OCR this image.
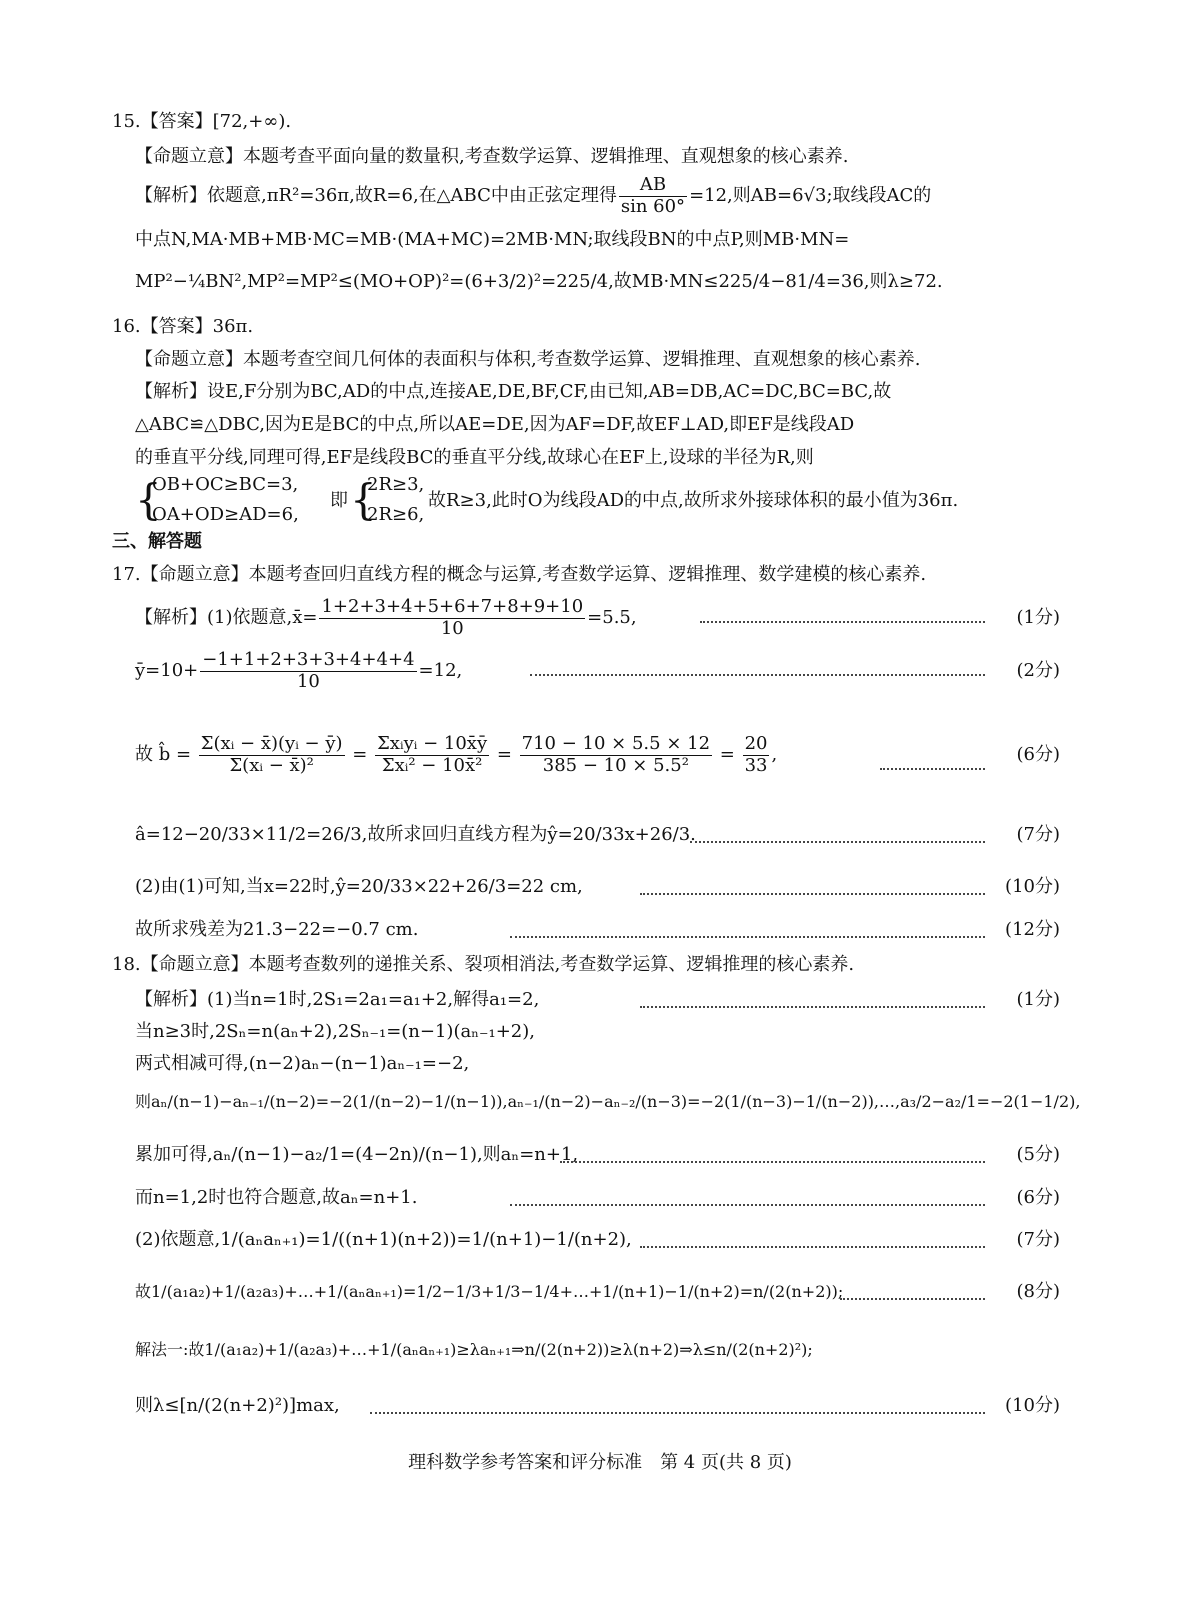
15.【答案】[72,+∞).
【命题立意】本题考查平面向量的数量积,考查数学运算、逻辑推理、直观想象的核心素养.
【解析】依题意,πR²=36π,故R=6,在△ABC中由正弦定理得 $\frac{AB}{\sin 60^\circ} =12$,则AB=6√3;取线段AC的
中点N,MA·MB+MB·MC=MB·(MA+MC)=2MB·MN;取线段BN的中点P,则MB·MN=
MP²−¼BN²,MP²=MP²≤(MO+OP)²=(6+3/2)²=225/4,故MB·MN≤225/4−81/4=36,则λ≥72.
16.【答案】36π.
【命题立意】本题考查空间几何体的表面积与体积,考查数学运算、逻辑推理、直观想象的核心素养.
【解析】设E,F分别为BC,AD的中点,连接AE,DE,BF,CF,由已知,AB=DB,AC=DC,BC=BC,故
△ABC≌△DBC,因为E是BC的中点,所以AE=DE,因为AF=DF,故EF⊥AD,即EF是线段AD
的垂直平分线,同理可得,EF是线段BC的垂直平分线,故球心在EF上,设球的半径为R,则
{
OB+OC≥BC=3,
OA+OD≥AD=6,
即 {
2R≥3,
2R≥6,
故R≥3,此时O为线段AD的中点,故所求外接球体积的最小值为36π.
三、解答题
17.【命题立意】本题考查回归直线方程的概念与运算,考查数学运算、逻辑推理、数学建模的核心素养.
【解析】(1)依题意,x̄= $\frac{1+2+3+4+5+6+7+8+9+10}{10} =5.5$,	(1分)
ȳ=10+ $\frac{-1+1+2+3+3+4+4+4}{10} =12$,	(2分)
故 b̂ = $\frac{\text{Σ(xᵢ − x̄)(yᵢ − ȳ)}}{\text{Σ(xᵢ − x̄)²}} = \frac{\text{Σxᵢyᵢ − 10x̄ȳ}}{\text{Σxᵢ² − 10x̄²}} = \frac{710 - 10 \times 5.5 \times 12}{\text{385 − 10 × 5.5²}} = \frac{20}{33}$ ,	(6分)
â=12−20/33×11/2=26/3,故所求回归直线方程为ŷ=20/33x+26/3.	(7分)
(2)由(1)可知,当x=22时,ŷ=20/33×22+26/3=22 cm,	(10分)
故所求残差为21.3−22=−0.7 cm.	(12分)
18.【命题立意】本题考查数列的递推关系、裂项相消法,考查数学运算、逻辑推理的核心素养.
【解析】(1)当n=1时,2S₁=2a₁=a₁+2,解得a₁=2,	(1分)
当n≥3时,2Sₙ=n(aₙ+2),2Sₙ₋₁=(n−1)(aₙ₋₁+2),
两式相减可得,(n−2)aₙ−(n−1)aₙ₋₁=−2,
则aₙ/(n−1)−aₙ₋₁/(n−2)=−2(1/(n−2)−1/(n−1)),aₙ₋₁/(n−2)−aₙ₋₂/(n−3)=−2(1/(n−3)−1/(n−2)),…,a₃/2−a₂/1=−2(1−1/2),
累加可得,aₙ/(n−1)−a₂/1=(4−2n)/(n−1),则aₙ=n+1,	(5分)
而n=1,2时也符合题意,故aₙ=n+1.	(6分)
(2)依题意,1/(aₙaₙ₊₁)=1/((n+1)(n+2))=1/(n+1)−1/(n+2),	(7分)
故1/(a₁a₂)+1/(a₂a₃)+…+1/(aₙaₙ₊₁)=1/2−1/3+1/3−1/4+…+1/(n+1)−1/(n+2)=n/(2(n+2));	(8分)
解法一:故1/(a₁a₂)+1/(a₂a₃)+…+1/(aₙaₙ₊₁)≥λaₙ₊₁⇒n/(2(n+2))≥λ(n+2)⇒λ≤n/(2(n+2)²);
则λ≤[n/(2(n+2)²)]max,	(10分)
理科数学参考答案和评分标准　第 4 页(共 8 页)
